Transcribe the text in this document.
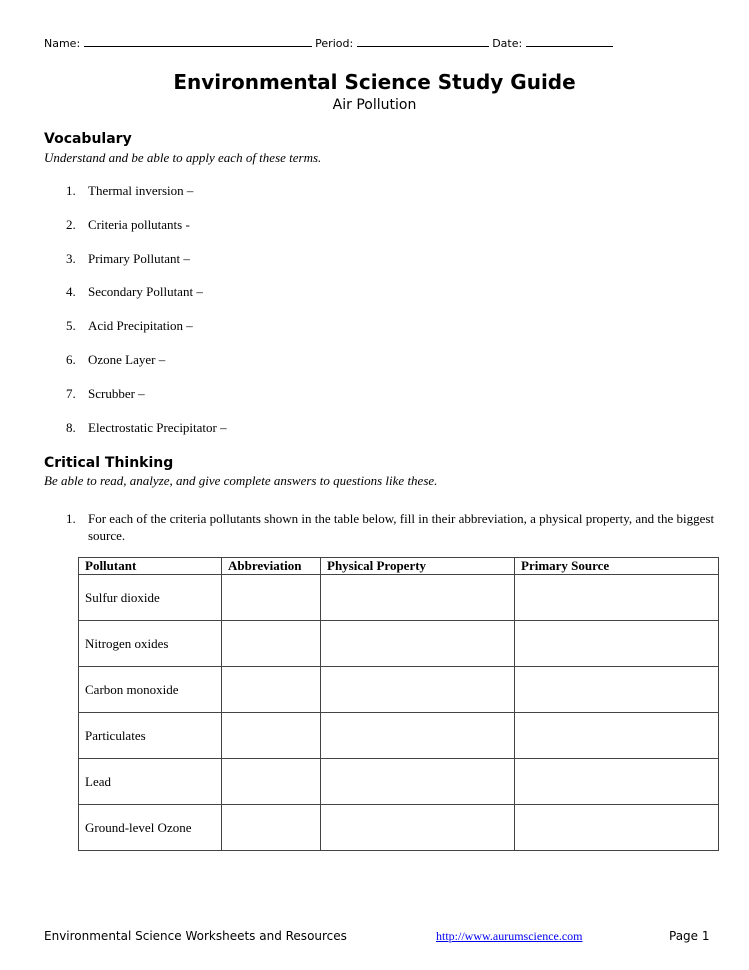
Name:	Period:	Date:
Environmental Science Study Guide
Air Pollution
Vocabulary
Understand and be able to apply each of these terms.
1. Thermal inversion –
2. Criteria pollutants -
3. Primary Pollutant –
4. Secondary Pollutant –
5. Acid Precipitation –
6. Ozone Layer –
7. Scrubber –
8. Electrostatic Precipitator –
Critical Thinking
Be able to read, analyze, and give complete answers to questions like these.
1. For each of the criteria pollutants shown in the table below, fill in their abbreviation, a physical property, and the biggest source.
Pollutant	Abbreviation	Physical Property	Primary Source
Sulfur dioxide			
Nitrogen oxides			
Carbon monoxide			
Particulates			
Lead			
Ground-level Ozone			
Environmental Science Worksheets and Resources	http://www.aurumscience.com	Page 1
